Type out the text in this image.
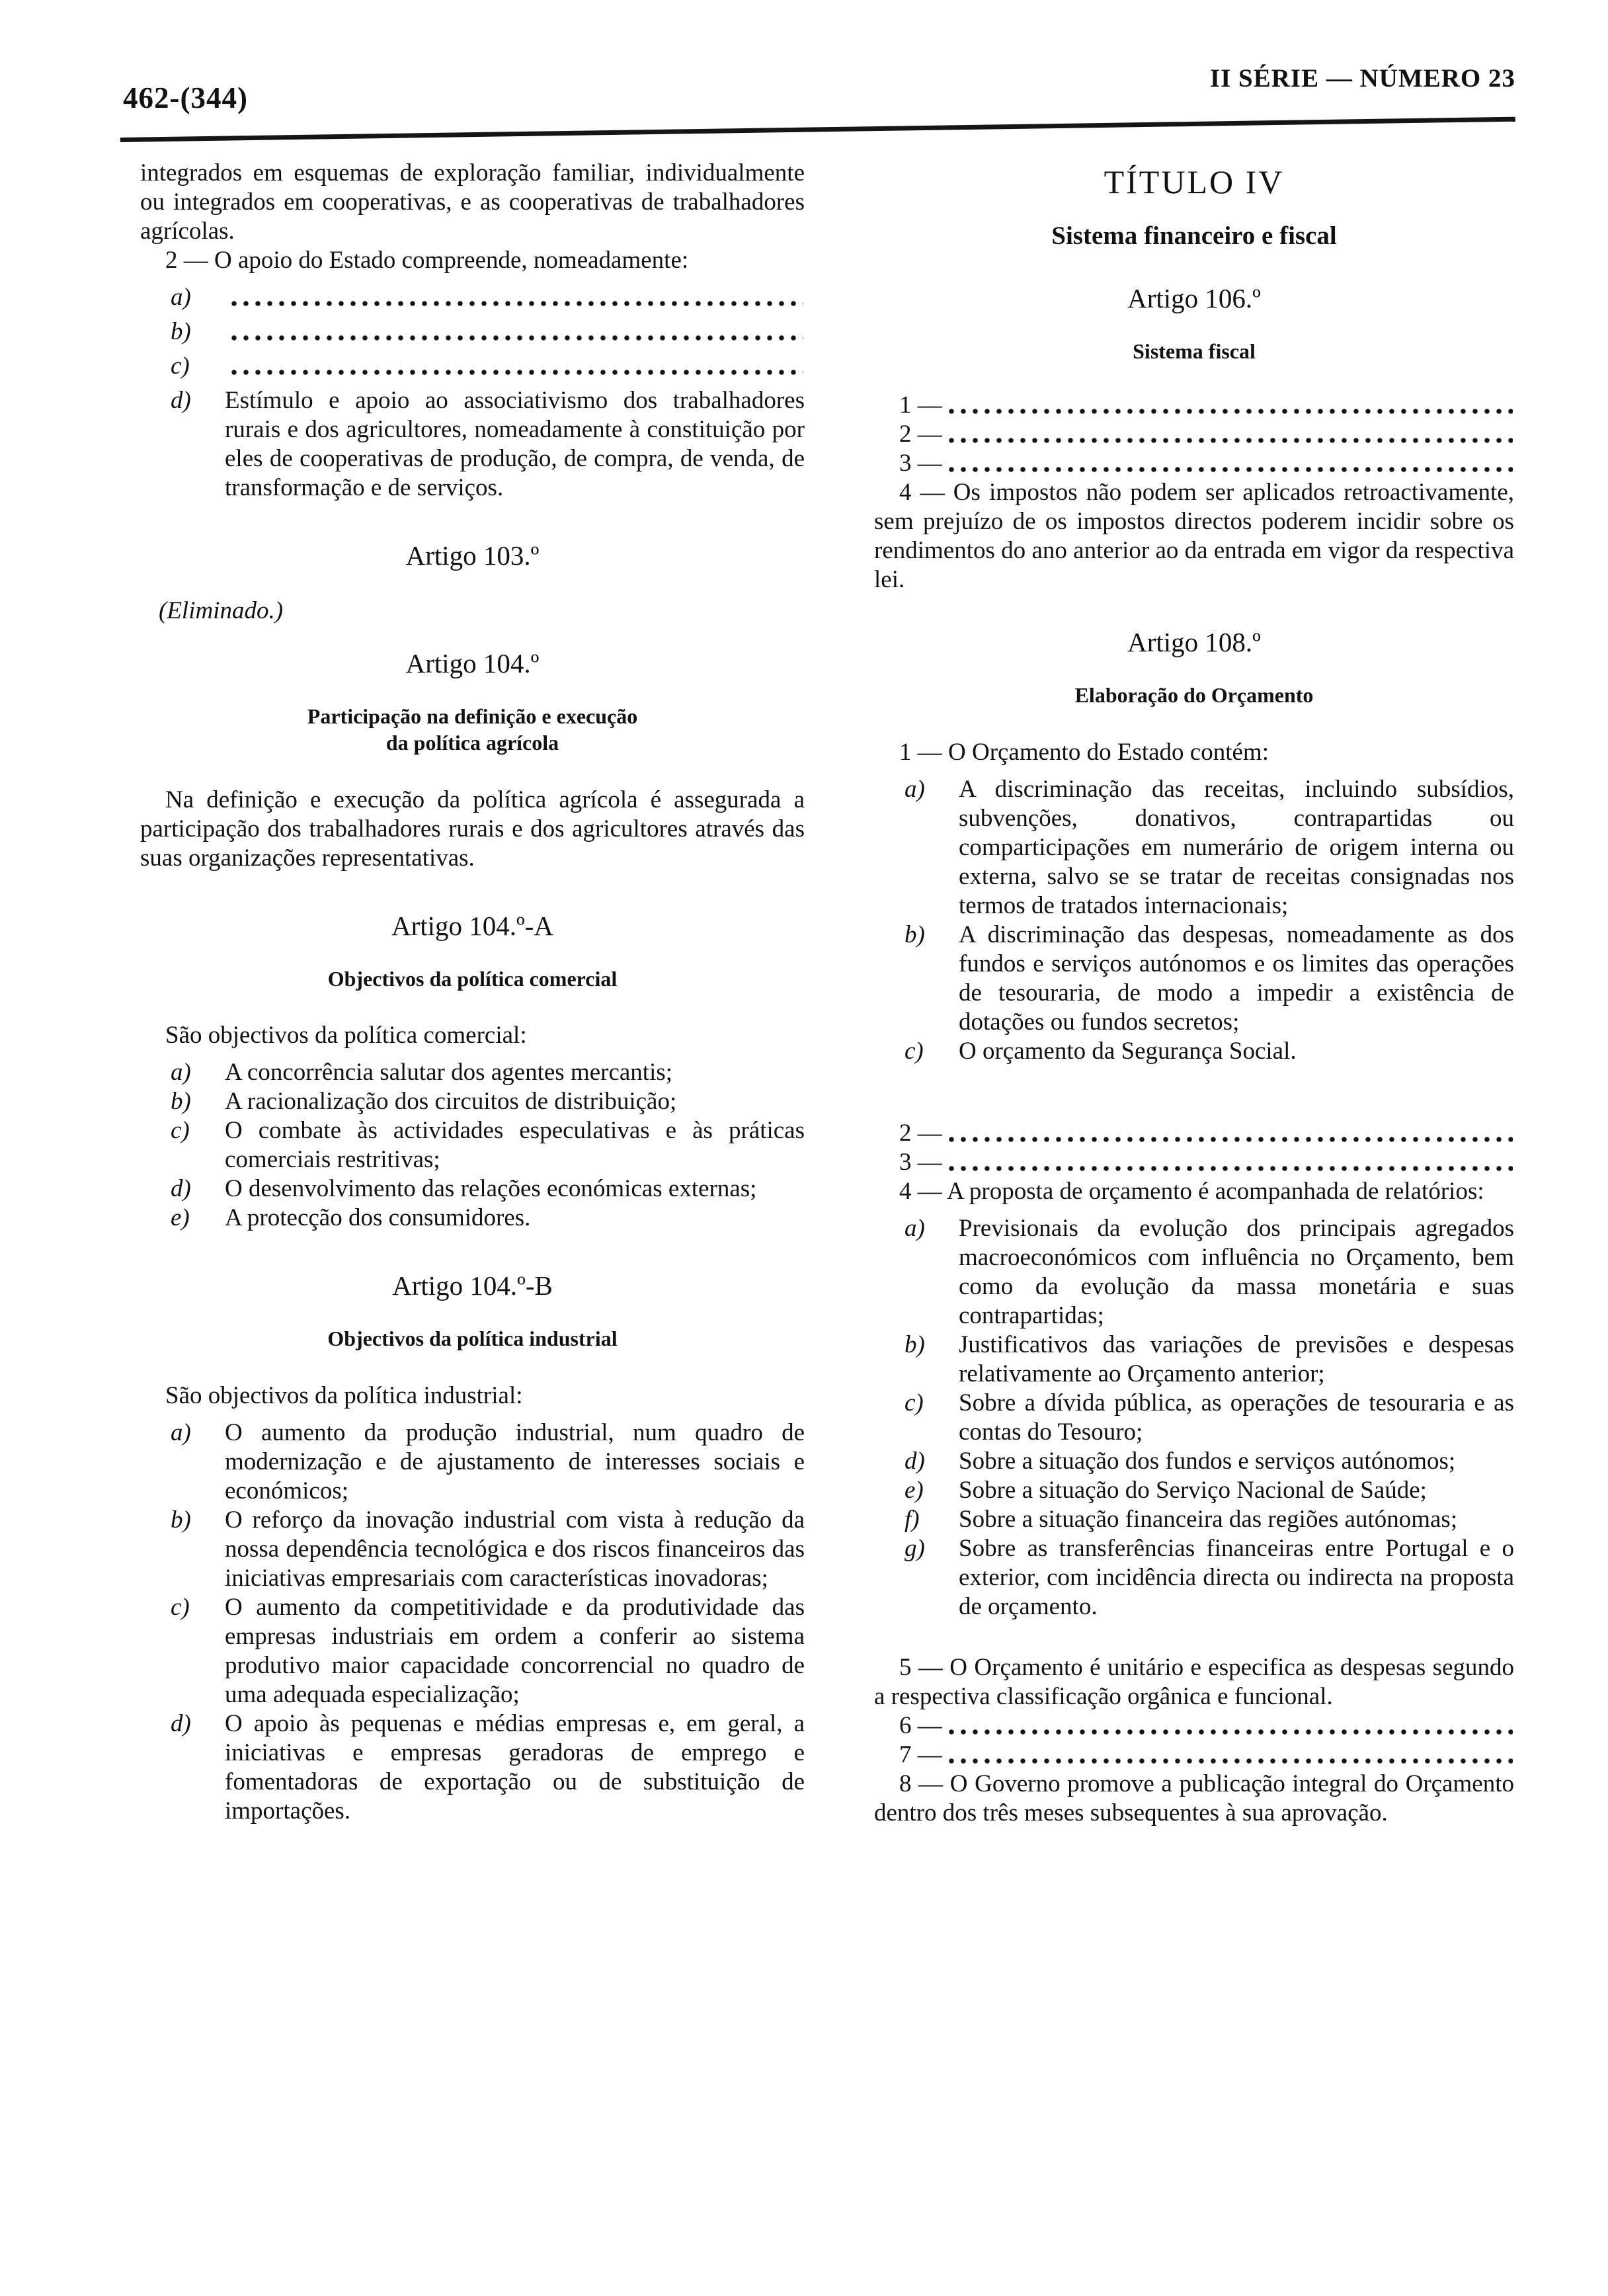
462-(344)
II SÉRIE — NÚMERO 23

integrados em esquemas de exploração familiar, individualmente ou integrados em cooperativas, e as cooperativas de trabalhadores agrícolas.

2 — O apoio do Estado compreende, nomeadamente:

a)
b)
c)
d)	Estímulo e apoio ao associativismo dos trabalhadores rurais e dos agricultores, nomeadamente à constituição por eles de cooperativas de produção, de compra, de venda, de transformação e de serviços.
Artigo 103.º
(Eliminado.)
Artigo 104.º
Participação na definição e execução
da política agrícola

Na definição e execução da política agrícola é assegurada a participação dos trabalhadores rurais e dos agricultores através das suas organizações representativas.

Artigo 104.º-A
Objectivos da política comercial

São objectivos da política comercial:

a)	A concorrência salutar dos agentes mercantis;
b)	A racionalização dos circuitos de distribuição;
c)	O combate às actividades especulativas e às práticas comerciais restritivas;
d)	O desenvolvimento das relações económicas externas;
e)	A protecção dos consumidores.
Artigo 104.º-B
Objectivos da política industrial

São objectivos da política industrial:

a)	O aumento da produção industrial, num quadro de modernização e de ajustamento de interesses sociais e económicos;
b)	O reforço da inovação industrial com vista à redução da nossa dependência tecnológica e dos riscos financeiros das iniciativas empresariais com características inovadoras;
c)	O aumento da competitividade e da produtividade das empresas industriais em ordem a conferir ao sistema produtivo maior capacidade concorrencial no quadro de uma adequada especialização;
d)	O apoio às pequenas e médias empresas e, em geral, a iniciativas e empresas geradoras de emprego e fomentadoras de exportação ou de substituição de importações.
TÍTULO IV
Sistema financeiro e fiscal
Artigo 106.º
Sistema fiscal
1 —
2 —
3 —

4 — Os impostos não podem ser aplicados retroactivamente, sem prejuízo de os impostos directos poderem incidir sobre os rendimentos do ano anterior ao da entrada em vigor da respectiva lei.

Artigo 108.º
Elaboração do Orçamento

1 — O Orçamento do Estado contém:

a)	A discriminação das receitas, incluindo subsídios, subvenções, donativos, contrapartidas ou comparticipações em numerário de origem interna ou externa, salvo se se tratar de receitas consignadas nos termos de tratados internacionais;
b)	A discriminação das despesas, nomeadamente as dos fundos e serviços autónomos e os limites das operações de tesouraria, de modo a impedir a existência de dotações ou fundos secretos;
c)	O orçamento da Segurança Social.
2 —
3 —

4 — A proposta de orçamento é acompanhada de relatórios:

a)	Previsionais da evolução dos principais agregados macroeconómicos com influência no Orçamento, bem como da evolução da massa monetária e suas contrapartidas;
b)	Justificativos das variações de previsões e despesas relativamente ao Orçamento anterior;
c)	Sobre a dívida pública, as operações de tesouraria e as contas do Tesouro;
d)	Sobre a situação dos fundos e serviços autónomos;
e)	Sobre a situação do Serviço Nacional de Saúde;
f)	Sobre a situação financeira das regiões autónomas;
g)	Sobre as transferências financeiras entre Portugal e o exterior, com incidência directa ou indirecta na proposta de orçamento.

5 — O Orçamento é unitário e especifica as despesas segundo a respectiva classificação orgânica e funcional.

6 —
7 —

8 — O Governo promove a publicação integral do Orçamento dentro dos três meses subsequentes à sua aprovação.
